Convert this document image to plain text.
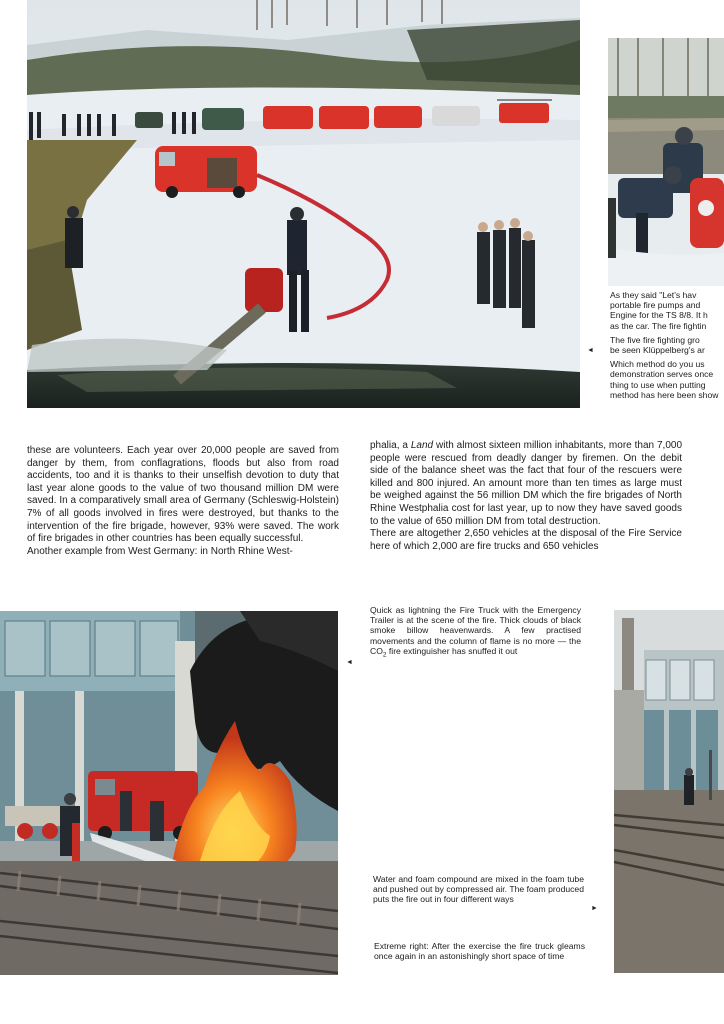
As they said "Let's hav
portable fire pumps and
Engine for the TS 8/8. It h
as the car. The fire fightin

The five fire fighting gro
be seen Klüppelberg's ar

Which method do you us
demonstration serves once
thing to use when putting
method has here been show

◄

these are volunteers. Each year over 20,000 people are saved from danger by them, from conflagrations, floods but also from road accidents, too and it is thanks to their unselfish devotion to duty that last year alone goods to the value of two thousand million DM were saved. In a comparatively small area of Germany (Schleswig-Holstein) 7% of all goods involved in fires were destroyed, but thanks to the intervention of the fire brigade, however, 93% were saved. The work of fire brigades in other countries has been equally successful.

Another example from West Germany: in North Rhine West-

phalia, a Land with almost sixteen million inhabitants, more than 7,000 people were rescued from deadly danger by firemen. On the debit side of the balance sheet was the fact that four of the rescuers were killed and 800 injured. An amount more than ten times as large must be weighed against the 56 million DM which the fire brigades of North Rhine Westphalia cost for last year, up to now they have saved goods to the value of 650 million DM from total destruction.

There are altogether 2,650 vehicles at the disposal of the Fire Service here of which 2,000 are fire trucks and 650 vehicles

◄
Quick as lightning the Fire Truck with the Emergency Trailer is at the scene of the fire. Thick clouds of black smoke billow heavenwards. A few practised movements and the column of flame is no more — the $CO_2$ fire extinguisher has snuffed it out
Water and foam compound are mixed in the foam tube and pushed out by compressed air. The foam produced puts the fire out in four different ways
►
Extreme right: After the exercise the fire truck gleams once again in an astonishingly short space of time
